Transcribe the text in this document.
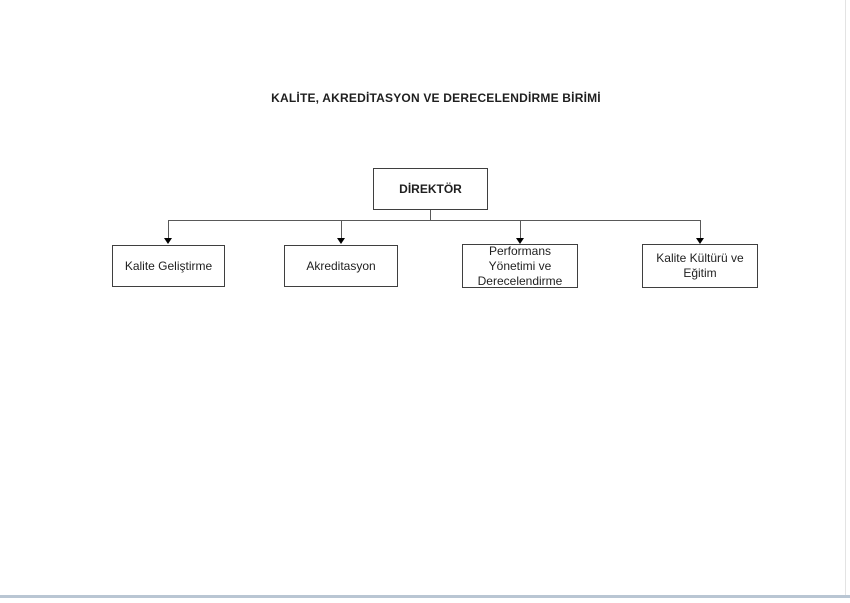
KALİTE, AKREDİTASYON VE DERECELENDİRME BİRİMİ
DİREKTÖR
Kalite Geliştirme	Akreditasyon
Performans Yönetimi ve Derecelendirme
Kalite Kültürü ve Eğitim
